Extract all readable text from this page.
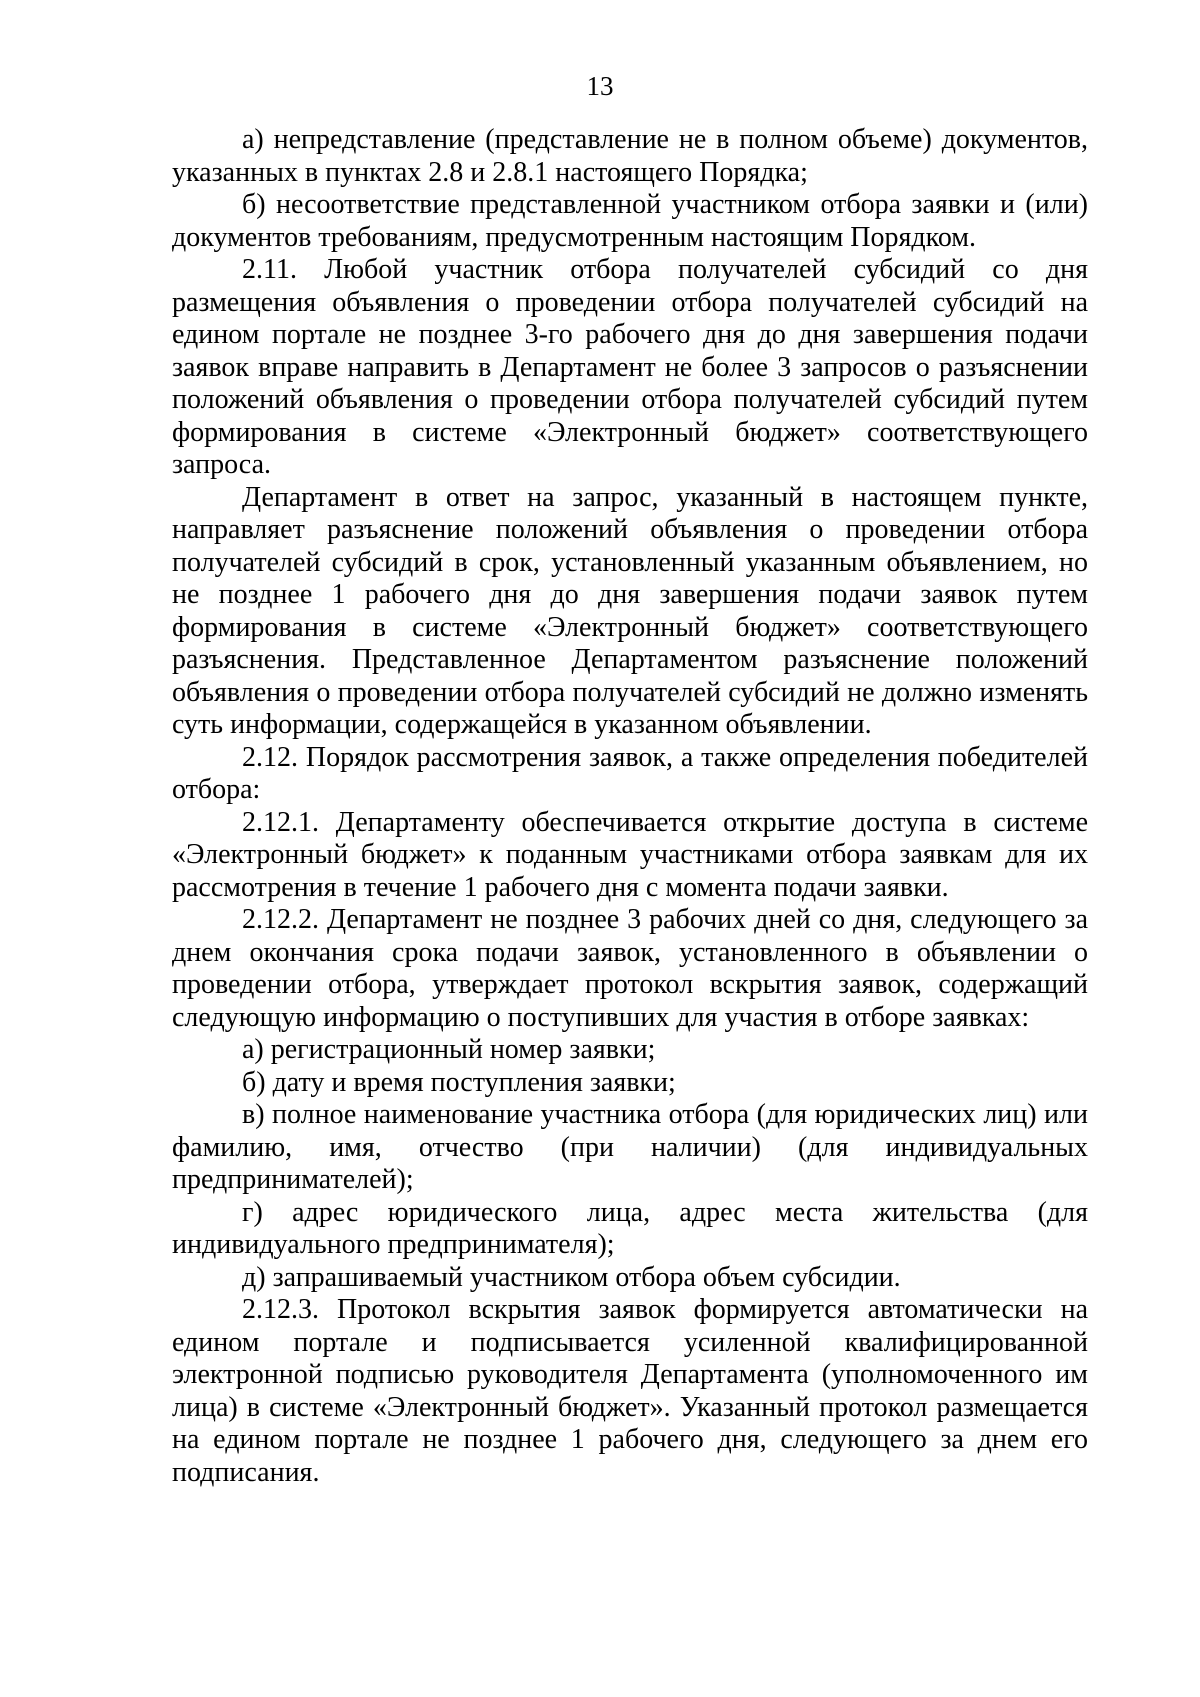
13

а) непредставление (представление не в полном объеме) документов, указанных в пунктах 2.8 и 2.8.1 настоящего Порядка;

б) несоответствие представленной участником отбора заявки и (или) документов требованиям, предусмотренным настоящим Порядком.

2.11. Любой участник отбора получателей субсидий со дня размещения объявления о проведении отбора получателей субсидий на едином портале не позднее 3-го рабочего дня до дня завершения подачи заявок вправе направить в Департамент не более 3 запросов о разъяснении положений объявления о проведении отбора получателей субсидий путем формирования в системе «Электронный бюджет» соответствующего запроса.

Департамент в ответ на запрос, указанный в настоящем пункте, направляет разъяснение положений объявления о проведении отбора получателей субсидий в срок, установленный указанным объявлением, но не позднее 1 рабочего дня до дня завершения подачи заявок путем формирования в системе «Электронный бюджет» соответствующего разъяснения. Представленное Департаментом разъяснение положений объявления о проведении отбора получателей субсидий не должно изменять суть информации, содержащейся в указанном объявлении.

2.12. Порядок рассмотрения заявок, а также определения победителей отбора:

2.12.1. Департаменту обеспечивается открытие доступа в системе «Электронный бюджет» к поданным участниками отбора заявкам для их рассмотрения в течение 1 рабочего дня с момента подачи заявки.

2.12.2. Департамент не позднее 3 рабочих дней со дня, следующего за днем окончания срока подачи заявок, установленного в объявлении о проведении отбора, утверждает протокол вскрытия заявок, содержащий следующую информацию о поступивших для участия в отборе заявках:

а) регистрационный номер заявки;

б) дату и время поступления заявки;

в) полное наименование участника отбора (для юридических лиц) или фамилию, имя, отчество (при наличии) (для индивидуальных предпринимателей);

г) адрес юридического лица, адрес места жительства (для индивидуального предпринимателя);

д) запрашиваемый участником отбора объем субсидии.

2.12.3. Протокол вскрытия заявок формируется автоматически на едином портале и подписывается усиленной квалифицированной электронной подписью руководителя Департамента (уполномоченного им лица) в системе «Электронный бюджет». Указанный протокол размещается на едином портале не позднее 1 рабочего дня, следующего за днем его подписания.
